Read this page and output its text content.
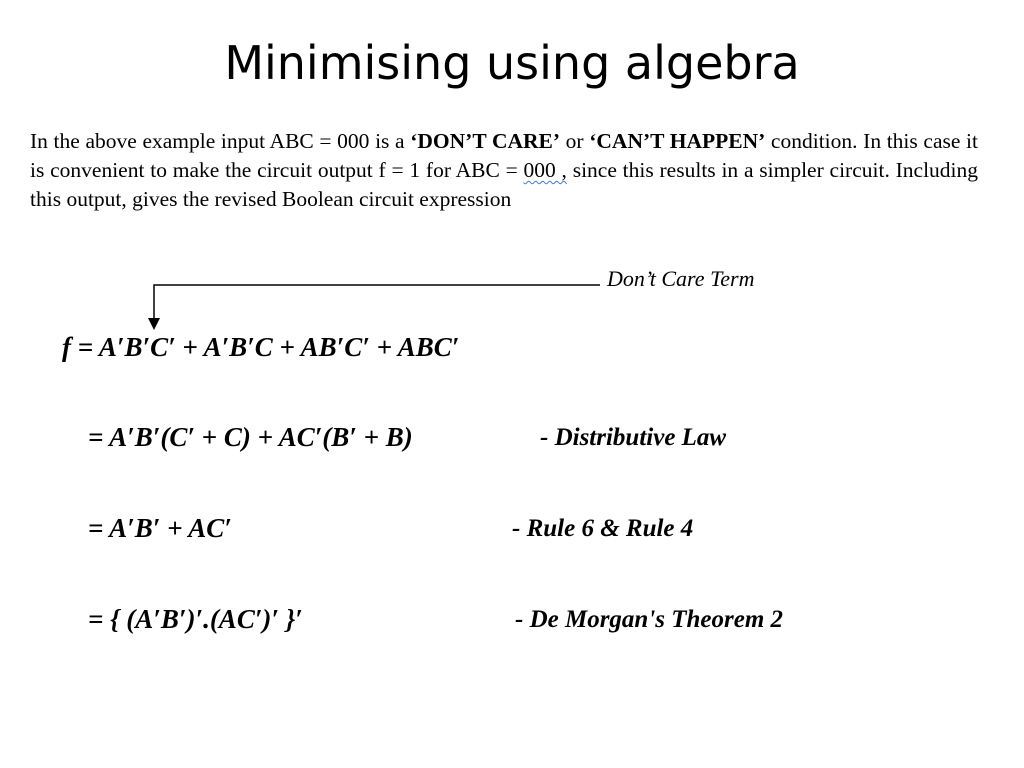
Minimising using algebra
In the above example input ABC = 000 is a ‘DON’T CARE’ or ‘CAN’T HAPPEN’ condition. In this case it is convenient to make the circuit output f = 1 for ABC = 000 , since this results in a simpler circuit. Including this output, gives the revised Boolean circuit expression
Don’t Care Term
f = A′B′C′ + A′B′C + AB′C′ + ABC′
= A′B′(C′ + C) + AC′(B′ + B)	- Distributive Law
= A′B′ + AC′	- Rule 6 & Rule 4
= { (A′B′)′.(AC′)′ }′	- De Morgan's Theorem 2
